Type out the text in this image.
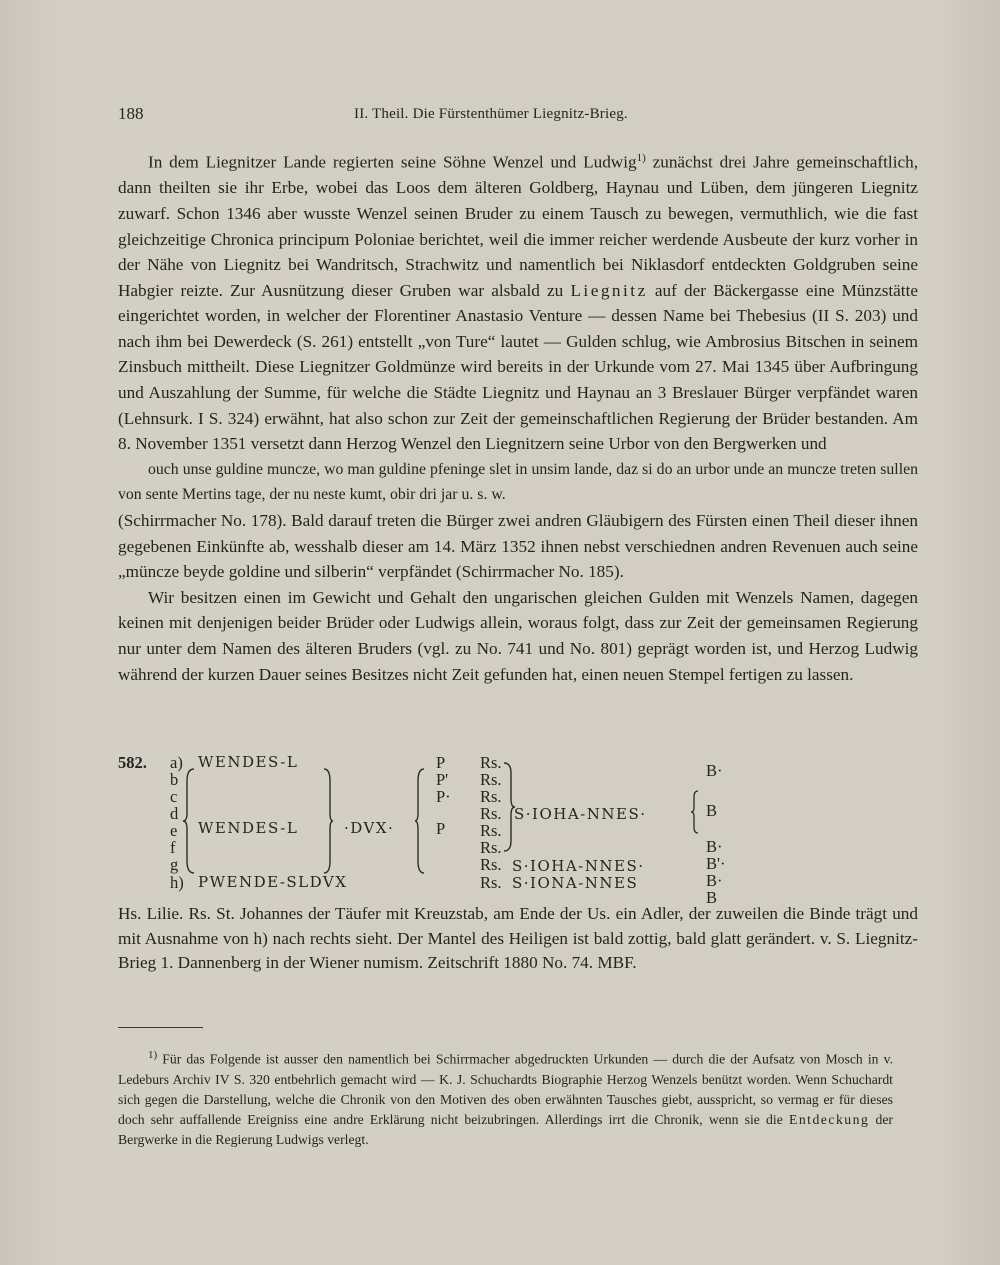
188	II. Theil. Die Fürstenthümer Liegnitz-Brieg.

In dem Liegnitzer Lande regierten seine Söhne Wenzel und Ludwig$^{1)}$ zunächst drei Jahre gemeinschaftlich, dann theilten sie ihr Erbe, wobei das Loos dem älteren Goldberg, Haynau und Lüben, dem jüngeren Liegnitz zuwarf. Schon 1346 aber wusste Wenzel seinen Bruder zu einem Tausch zu bewegen, vermuthlich, wie die fast gleichzeitige Chronica principum Poloniae berichtet, weil die immer reicher werdende Ausbeute der kurz vorher in der Nähe von Liegnitz bei Wandritsch, Strachwitz und namentlich bei Niklasdorf entdeckten Goldgruben seine Habgier reizte. Zur Ausnützung dieser Gruben war alsbald zu Liegnitz auf der Bäckergasse eine Münzstätte eingerichtet worden, in welcher der Florentiner Anastasio Venture — dessen Name bei Thebesius (II S. 203) und nach ihm bei Dewerdeck (S. 261) entstellt „von Ture“ lautet — Gulden schlug, wie Ambrosius Bitschen in seinem Zinsbuch mittheilt. Diese Liegnitzer Goldmünze wird bereits in der Urkunde vom 27. Mai 1345 über Aufbringung und Auszahlung der Summe, für welche die Städte Liegnitz und Haynau an 3 Breslauer Bürger verpfändet waren (Lehnsurk. I S. 324) erwähnt, hat also schon zur Zeit der gemeinschaftlichen Regierung der Brüder bestanden. Am 8. November 1351 versetzt dann Herzog Wenzel den Liegnitzern seine Urbor von den Bergwerken und

ouch unse guldine muncze, wo man guldine pfeninge slet in unsim lande, daz si do an urbor unde an muncze treten sullen von sente Mertins tage, der nu neste kumt, obir dri jar u. s. w.

(Schirrmacher No. 178). Bald darauf treten die Bürger zwei andren Gläubigern des Fürsten einen Theil dieser ihnen gegebenen Einkünfte ab, wesshalb dieser am 14. März 1352 ihnen nebst verschiednen andren Revenuen auch seine „müncze beyde goldine und silberin“ verpfändet (Schirrmacher No. 185).

Wir besitzen einen im Gewicht und Gehalt den ungarischen gleichen Gulden mit Wenzels Namen, dagegen keinen mit denjenigen beider Brüder oder Ludwigs allein, woraus folgt, dass zur Zeit der gemeinsamen Regierung nur unter dem Namen des älteren Bruders (vgl. zu No. 741 und No. 801) geprägt worden ist, und Herzog Ludwig während der kurzen Dauer seines Besitzes nicht Zeit gefunden hat, einen neuen Stempel fertigen zu lassen.

582. a)
b
c
d
e
f
g
h)
WENDES-L
WENDES-L
PWENDE-SLDVX
·DVX·
P
P'
P·
P
Rs.
Rs.
Rs.
Rs.
Rs.
Rs.
Rs.
Rs.
S·IOHA-NNES·
S·IOHA-NNES·
S·IONA-NNES
B·
B
B·
B'·
B·
B

Hs. Lilie. Rs. St. Johannes der Täufer mit Kreuzstab, am Ende der Us. ein Adler, der zuweilen die Binde trägt und mit Ausnahme von h) nach rechts sieht. Der Mantel des Heiligen ist bald zottig, bald glatt gerändert. v. S. Liegnitz-Brieg 1. Dannenberg in der Wiener numism. Zeitschrift 1880 No. 74. MBF.

$^{1)}$ Für das Folgende ist ausser den namentlich bei Schirrmacher abgedruckten Urkunden — durch die der Aufsatz von Mosch in v. Ledeburs Archiv IV S. 320 entbehrlich gemacht wird — K. J. Schuchardts Biographie Herzog Wenzels benützt worden. Wenn Schuchardt sich gegen die Darstellung, welche die Chronik von den Motiven des oben erwähnten Tausches giebt, ausspricht, so vermag er für dieses doch sehr auffallende Ereigniss eine andre Erklärung nicht beizubringen. Allerdings irrt die Chronik, wenn sie die Entdeckung der Bergwerke in die Regierung Ludwigs verlegt.
